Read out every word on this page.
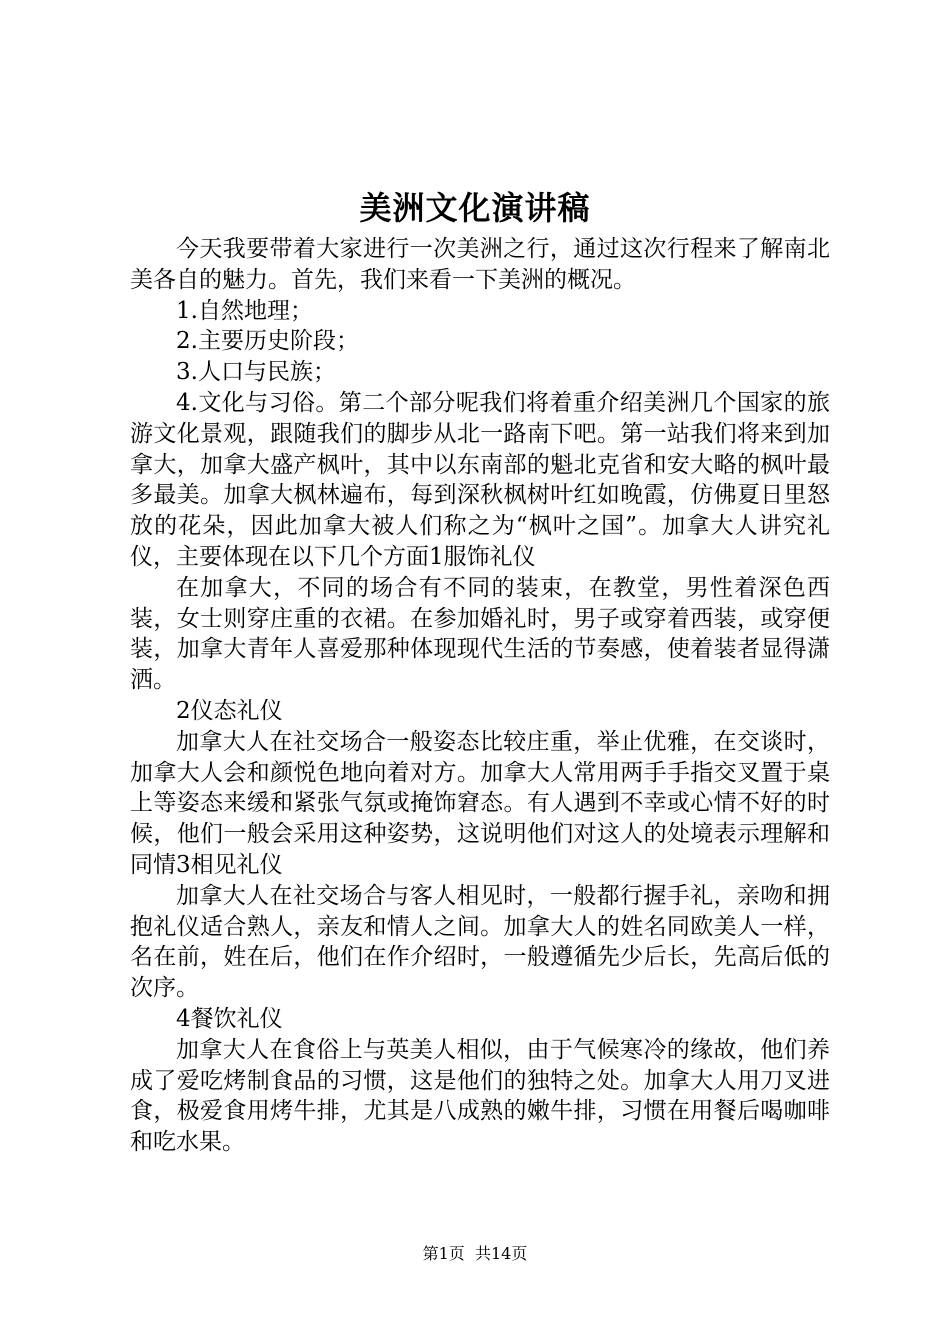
美洲文化演讲稿

今天我要带着大家进行一次美洲之行，通过这次行程来了解南北美各自的魅力。首先，我们来看一下美洲的概况。

1.自然地理；

2.主要历史阶段；

3.人口与民族；

4.文化与习俗。第二个部分呢我们将着重介绍美洲几个国家的旅游文化景观，跟随我们的脚步从北一路南下吧。第一站我们将来到加拿大，加拿大盛产枫叶，其中以东南部的魁北克省和安大略的枫叶最多最美。加拿大枫林遍布，每到深秋枫树叶红如晚霞，仿佛夏日里怒放的花朵，因此加拿大被人们称之为“枫叶之国”。加拿大人讲究礼仪，主要体现在以下几个方面1服饰礼仪

在加拿大，不同的场合有不同的装束，在教堂，男性着深色西装，女士则穿庄重的衣裙。在参加婚礼时，男子或穿着西装，或穿便装，加拿大青年人喜爱那种体现现代生活的节奏感，使着装者显得潇洒。

2仪态礼仪

加拿大人在社交场合一般姿态比较庄重，举止优雅，在交谈时，加拿大人会和颜悦色地向着对方。加拿大人常用两手手指交叉置于桌上等姿态来缓和紧张气氛或掩饰窘态。有人遇到不幸或心情不好的时候，他们一般会采用这种姿势，这说明他们对这人的处境表示理解和同情3相见礼仪

加拿大人在社交场合与客人相见时，一般都行握手礼，亲吻和拥抱礼仪适合熟人，亲友和情人之间。加拿大人的姓名同欧美人一样，名在前，姓在后，他们在作介绍时，一般遵循先少后长，先高后低的次序。

4餐饮礼仪

加拿大人在食俗上与英美人相似，由于气候寒冷的缘故，他们养成了爱吃烤制食品的习惯，这是他们的独特之处。加拿大人用刀叉进食，极爱食用烤牛排，尤其是八成熟的嫩牛排，习惯在用餐后喝咖啡和吃水果。

第1页 共14页
